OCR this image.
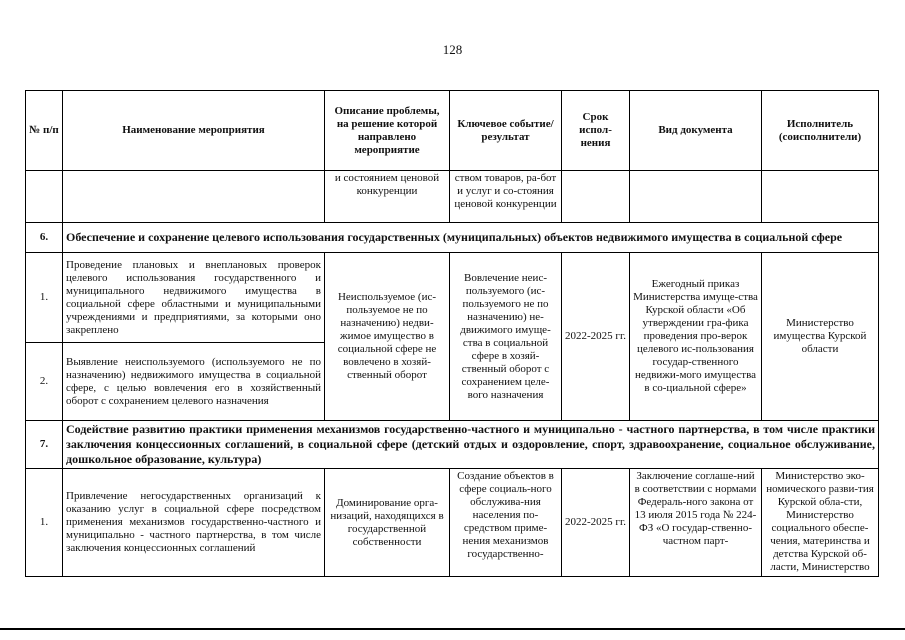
128
№ п/п	Наименование мероприятия	Описание проблемы, на решение которой направлено мероприятие	Ключевое событие/ результат	Срок испол-нения	Вид документа	Исполнитель (соисполнители)
		и состоянием ценовой конкуренции	ством товаров, ра-бот и услуг и со-стояния ценовой конкуренции			
6.	Обеспечение и сохранение целевого использования государственных (муниципальных) объектов недвижимого имущества в социальной сфере					
1.	Проведение плановых и внеплановых проверок целевого использования государственного и муниципального недвижимого имущества в социальной сфере областными и муниципальными учреждениями и предприятиями, за которыми оно закреплено	Неиспользуемое (ис-пользуемое не по назначению) недви-жимое имущество в социальной сфере не вовлечено в хозяй-ственный оборот	Вовлечение неис-пользуемого (ис-пользуемого не по назначению) не-движимого имуще-ства в социальной сфере в хозяй-ственный оборот с сохранением целе-вого назначения	2022-2025 гг.	Ежегодный приказ Министерства имуще-ства Курской области «Об утверждении гра-фика проведения про-верок целевого ис-пользования государ-ственного недвижи-мого имущества в со-циальной сфере»	Министерство имущества Курской области
2.	Выявление неиспользуемого (используемого не по назначению) недвижимого имущества в социальной сфере, с целью вовлечения его в хозяйственный оборот с сохранением целевого назначения					
7.	Содействие развитию практики применения механизмов государственно-частного и муниципально - частного партнерства, в том числе практики заключения концессионных соглашений, в социальной сфере (детский отдых и оздоровление, спорт, здравоохранение, социальное обслуживание, дошкольное образование, культура)					
1.	Привлечение негосударственных организаций к оказанию услуг в социальной сфере посредством применения механизмов государственно-частного и муниципально - частного партнерства, в том числе заключения концессионных соглашений	Доминирование орга-низаций, находящихся в государственной собственности	Создание объектов в сфере социаль-ного обслужива-ния населения по-средством приме-нения механизмов государственно-	2022-2025 гг.	Заключение соглаше-ний в соответствии с нормами Федераль-ного закона от 13 июля 2015 года № 224-ФЗ «О государ-ственно-частном парт-	Министерство эко-номического разви-тия Курской обла-сти, Министерство социального обеспе-чения, материнства и детства Курской об-ласти, Министерство
